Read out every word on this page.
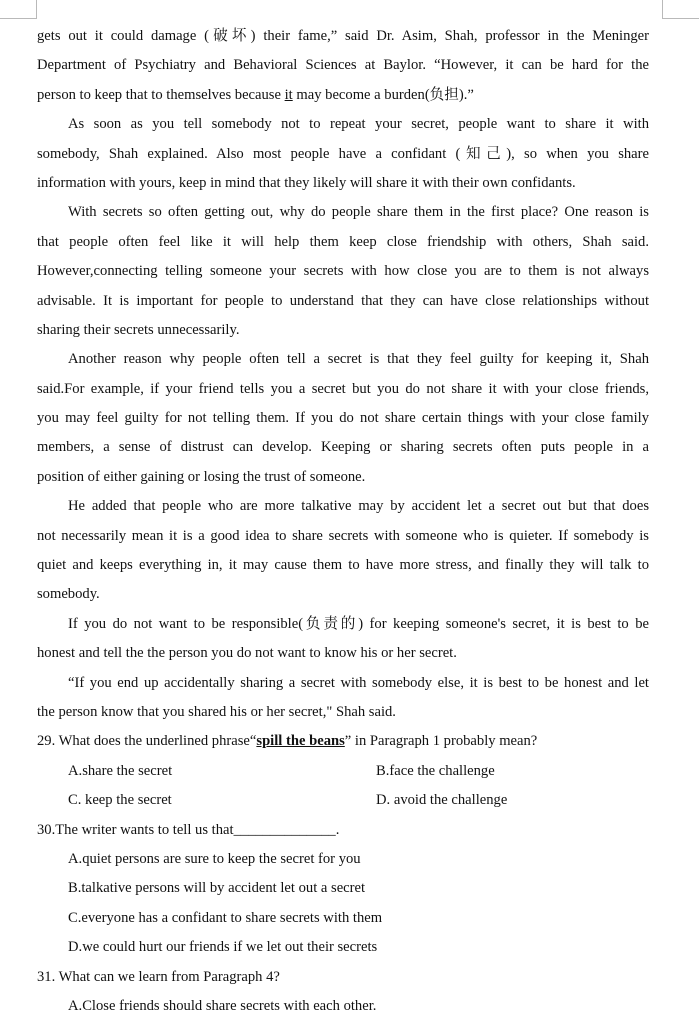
gets out it could damage (破坏) their fame,” said Dr. Asim, Shah, professor in the Meninger
Department of Psychiatry and Behavioral Sciences at Baylor. “However, it can be hard for the
person to keep that to themselves because it may become a burden(负担).”
As soon as you tell somebody not to repeat your secret, people want to share it with
somebody, Shah explained. Also most people have a confidant (知己), so when you share
information with yours, keep in mind that they likely will share it with their own confidants.
With secrets so often getting out, why do people share them in the first place? One reason is
that people often feel like it will help them keep close friendship with others, Shah said.
However,connecting telling someone your secrets with how close you are to them is not always
advisable. It is important for people to understand that they can have close relationships without
sharing their secrets unnecessarily.
Another reason why people often tell a secret is that they feel guilty for keeping it, Shah
said.For example, if your friend tells you a secret but you do not share it with your close friends,
you may feel guilty for not telling them. If you do not share certain things with your close family
members, a sense of distrust can develop. Keeping or sharing secrets often puts people in a
position of either gaining or losing the trust of someone.
He added that people who are more talkative may by accident let a secret out but that does
not necessarily mean it is a good idea to share secrets with someone who is quieter. If somebody is
quiet and keeps everything in, it may cause them to have more stress, and finally they will talk to
somebody.
If you do not want to be responsible(负责的) for keeping someone's secret, it is best to be
honest and tell the the person you do not want to know his or her secret.
“If you end up accidentally sharing a secret with somebody else, it is best to be honest and let
the person know that you shared his or her secret," Shah said.
29. What does the underlined phrase“spill the beans” in Paragraph 1 probably mean?
A.share the secret	B.face the challenge
C. keep the secret	D. avoid the challenge
30.The writer wants to tell us that______________.
A.quiet persons are sure to keep the secret for you
B.talkative persons will by accident let out a secret
C.everyone has a confidant to share secrets with them
D.we could hurt our friends if we let out their secrets
31. What can we learn from Paragraph 4?
A.Close friends should share secrets with each other.
